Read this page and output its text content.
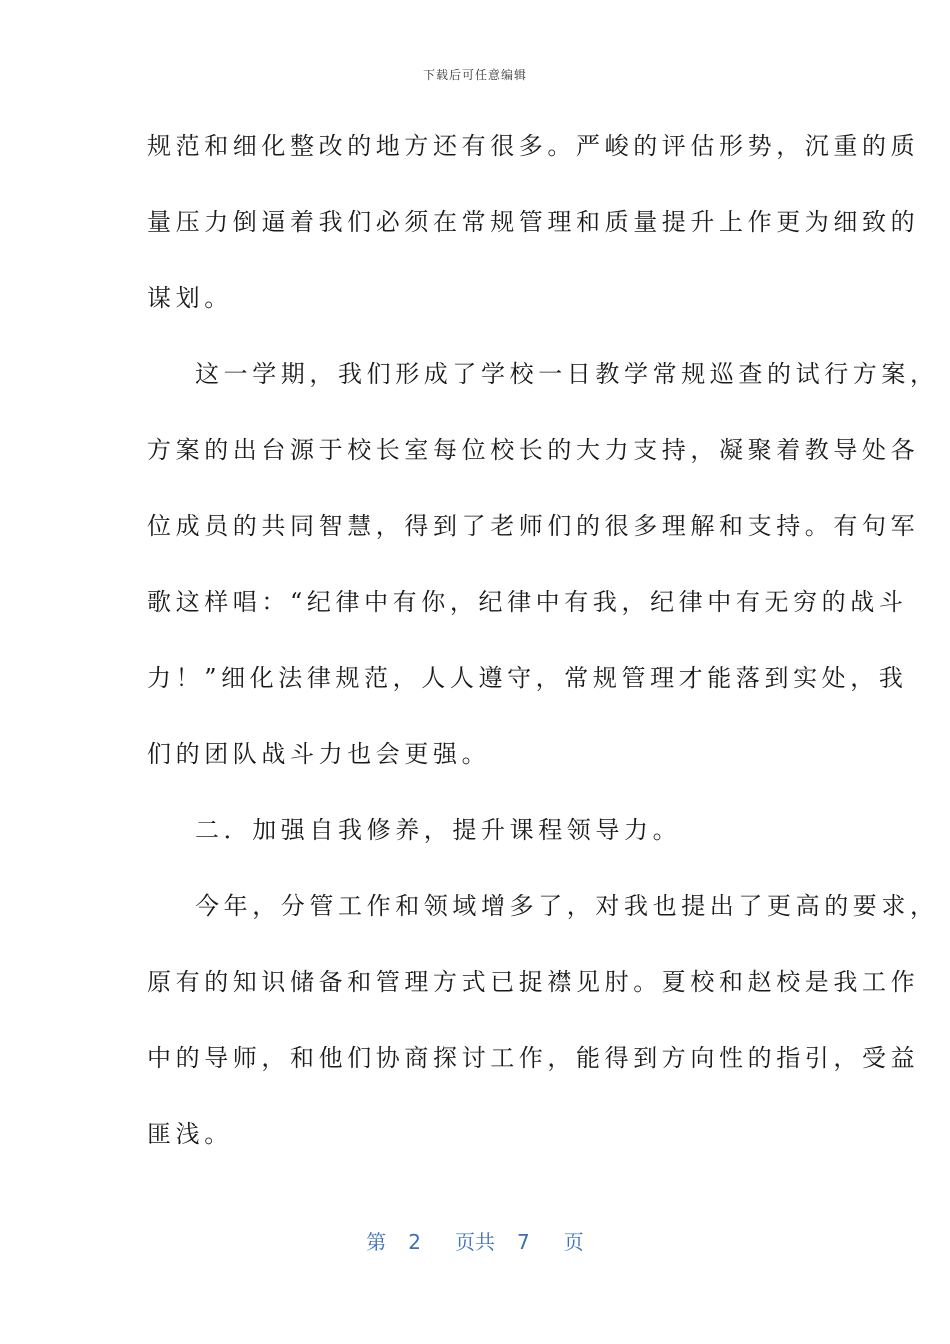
下载后可任意编辑
规范和细化整改的地方还有很多。严峻的评估形势，沉重的质
量压力倒逼着我们必须在常规管理和质量提升上作更为细致的
谋划。
这一学期，我们形成了学校一日教学常规巡查的试行方案，
方案的出台源于校长室每位校长的大力支持，凝聚着教导处各
位成员的共同智慧，得到了老师们的很多理解和支持。有句军
歌这样唱：“纪律中有你，纪律中有我，纪律中有无穷的战斗
力！”细化法律规范，人人遵守，常规管理才能落到实处，我
们的团队战斗力也会更强。
二．加强自我修养，提升课程领导力。
今年，分管工作和领域增多了，对我也提出了更高的要求，
原有的知识储备和管理方式已捉襟见肘。夏校和赵校是我工作
中的导师，和他们协商探讨工作，能得到方向性的指引，受益
匪浅。
第 2 页共 7 页
